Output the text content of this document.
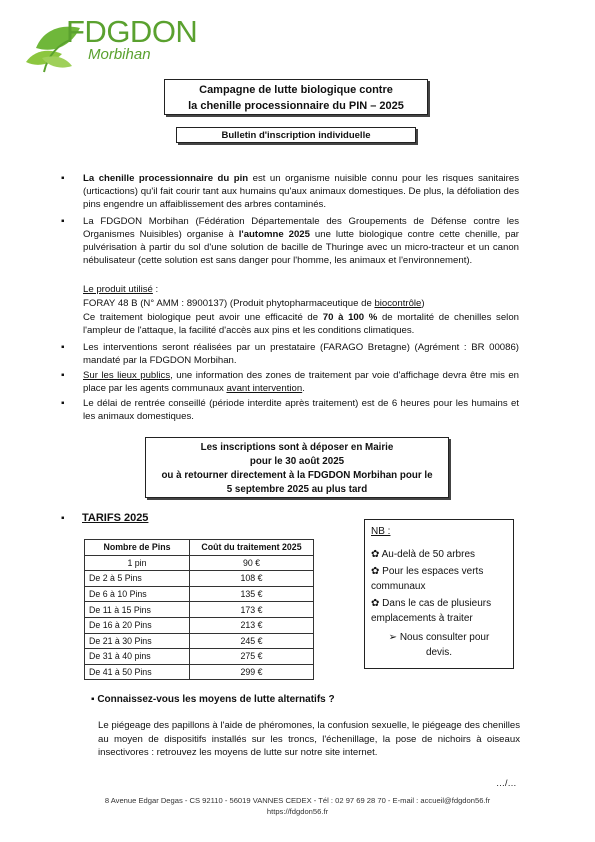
FDGDON
Morbihan
Campagne de lutte biologique contre
la chenille processionnaire du PIN – 2025
Bulletin d'inscription individuelle
▪ La chenille processionnaire du pin est un organisme nuisible connu pour les risques sanitaires (urticactions) qu'il fait courir tant aux humains qu'aux animaux domestiques. De plus, la défoliation des pins engendre un affaiblissement des arbres contaminés.
▪ La FDGDON Morbihan (Fédération Départementale des Groupements de Défense contre les Organismes Nuisibles) organise à l'automne 2025 une lutte biologique contre cette chenille, par pulvérisation à partir du sol d'une solution de bacille de Thuringe avec un micro-tracteur et un canon nébulisateur (cette solution est sans danger pour l'homme, les animaux et l'environnement).
Le produit utilisé :
FORAY 48 B (N° AMM : 8900137) (Produit phytopharmaceutique de biocontrôle)
Ce traitement biologique peut avoir une efficacité de 70 à 100 % de mortalité de chenilles selon l'ampleur de l'attaque, la facilité d'accès aux pins et les conditions climatiques.
▪ Les interventions seront réalisées par un prestataire (FARAGO Bretagne) (Agrément : BR 00086) mandaté par la FDGDON Morbihan.
▪ Sur les lieux publics, une information des zones de traitement par voie d'affichage devra être mis en place par les agents communaux avant intervention.
▪ Le délai de rentrée conseillé (période interdite après traitement) est de 6 heures pour les humains et les animaux domestiques.
Les inscriptions sont à déposer en Mairie
pour le 30 août 2025
ou à retourner directement à la FDGDON Morbihan pour le
5 septembre 2025 au plus tard
▪ TARIFS 2025
Nombre de Pins	Coût du traitement 2025
1 pin	90 €
De 2 à 5 Pins	108 €
De 6 à 10 Pins	135 €
De 11 à 15 Pins	173 €
De 16 à 20 Pins	213 €
De 21 à 30 Pins	245 €
De 31 à 40 pins	275 €
De 41 à 50 Pins	299 €
NB :
✿ Au-delà de 50 arbres
✿ Pour les espaces verts
communaux
✿ Dans le cas de plusieurs
emplacements à traiter
➢ Nous consulter pour
devis.
▪ Connaissez-vous les moyens de lutte alternatifs ?
Le piégeage des papillons à l'aide de phéromones, la confusion sexuelle, le piégeage des chenilles au moyen de dispositifs installés sur les troncs, l'échenillage, la pose de nichoirs à oiseaux insectivores : retrouvez les moyens de lutte sur notre site internet.
…/…
8 Avenue Edgar Degas - CS 92110 - 56019 VANNES CEDEX - Tél : 02 97 69 28 70 - E-mail : accueil@fdgdon56.fr
https://fdgdon56.fr
